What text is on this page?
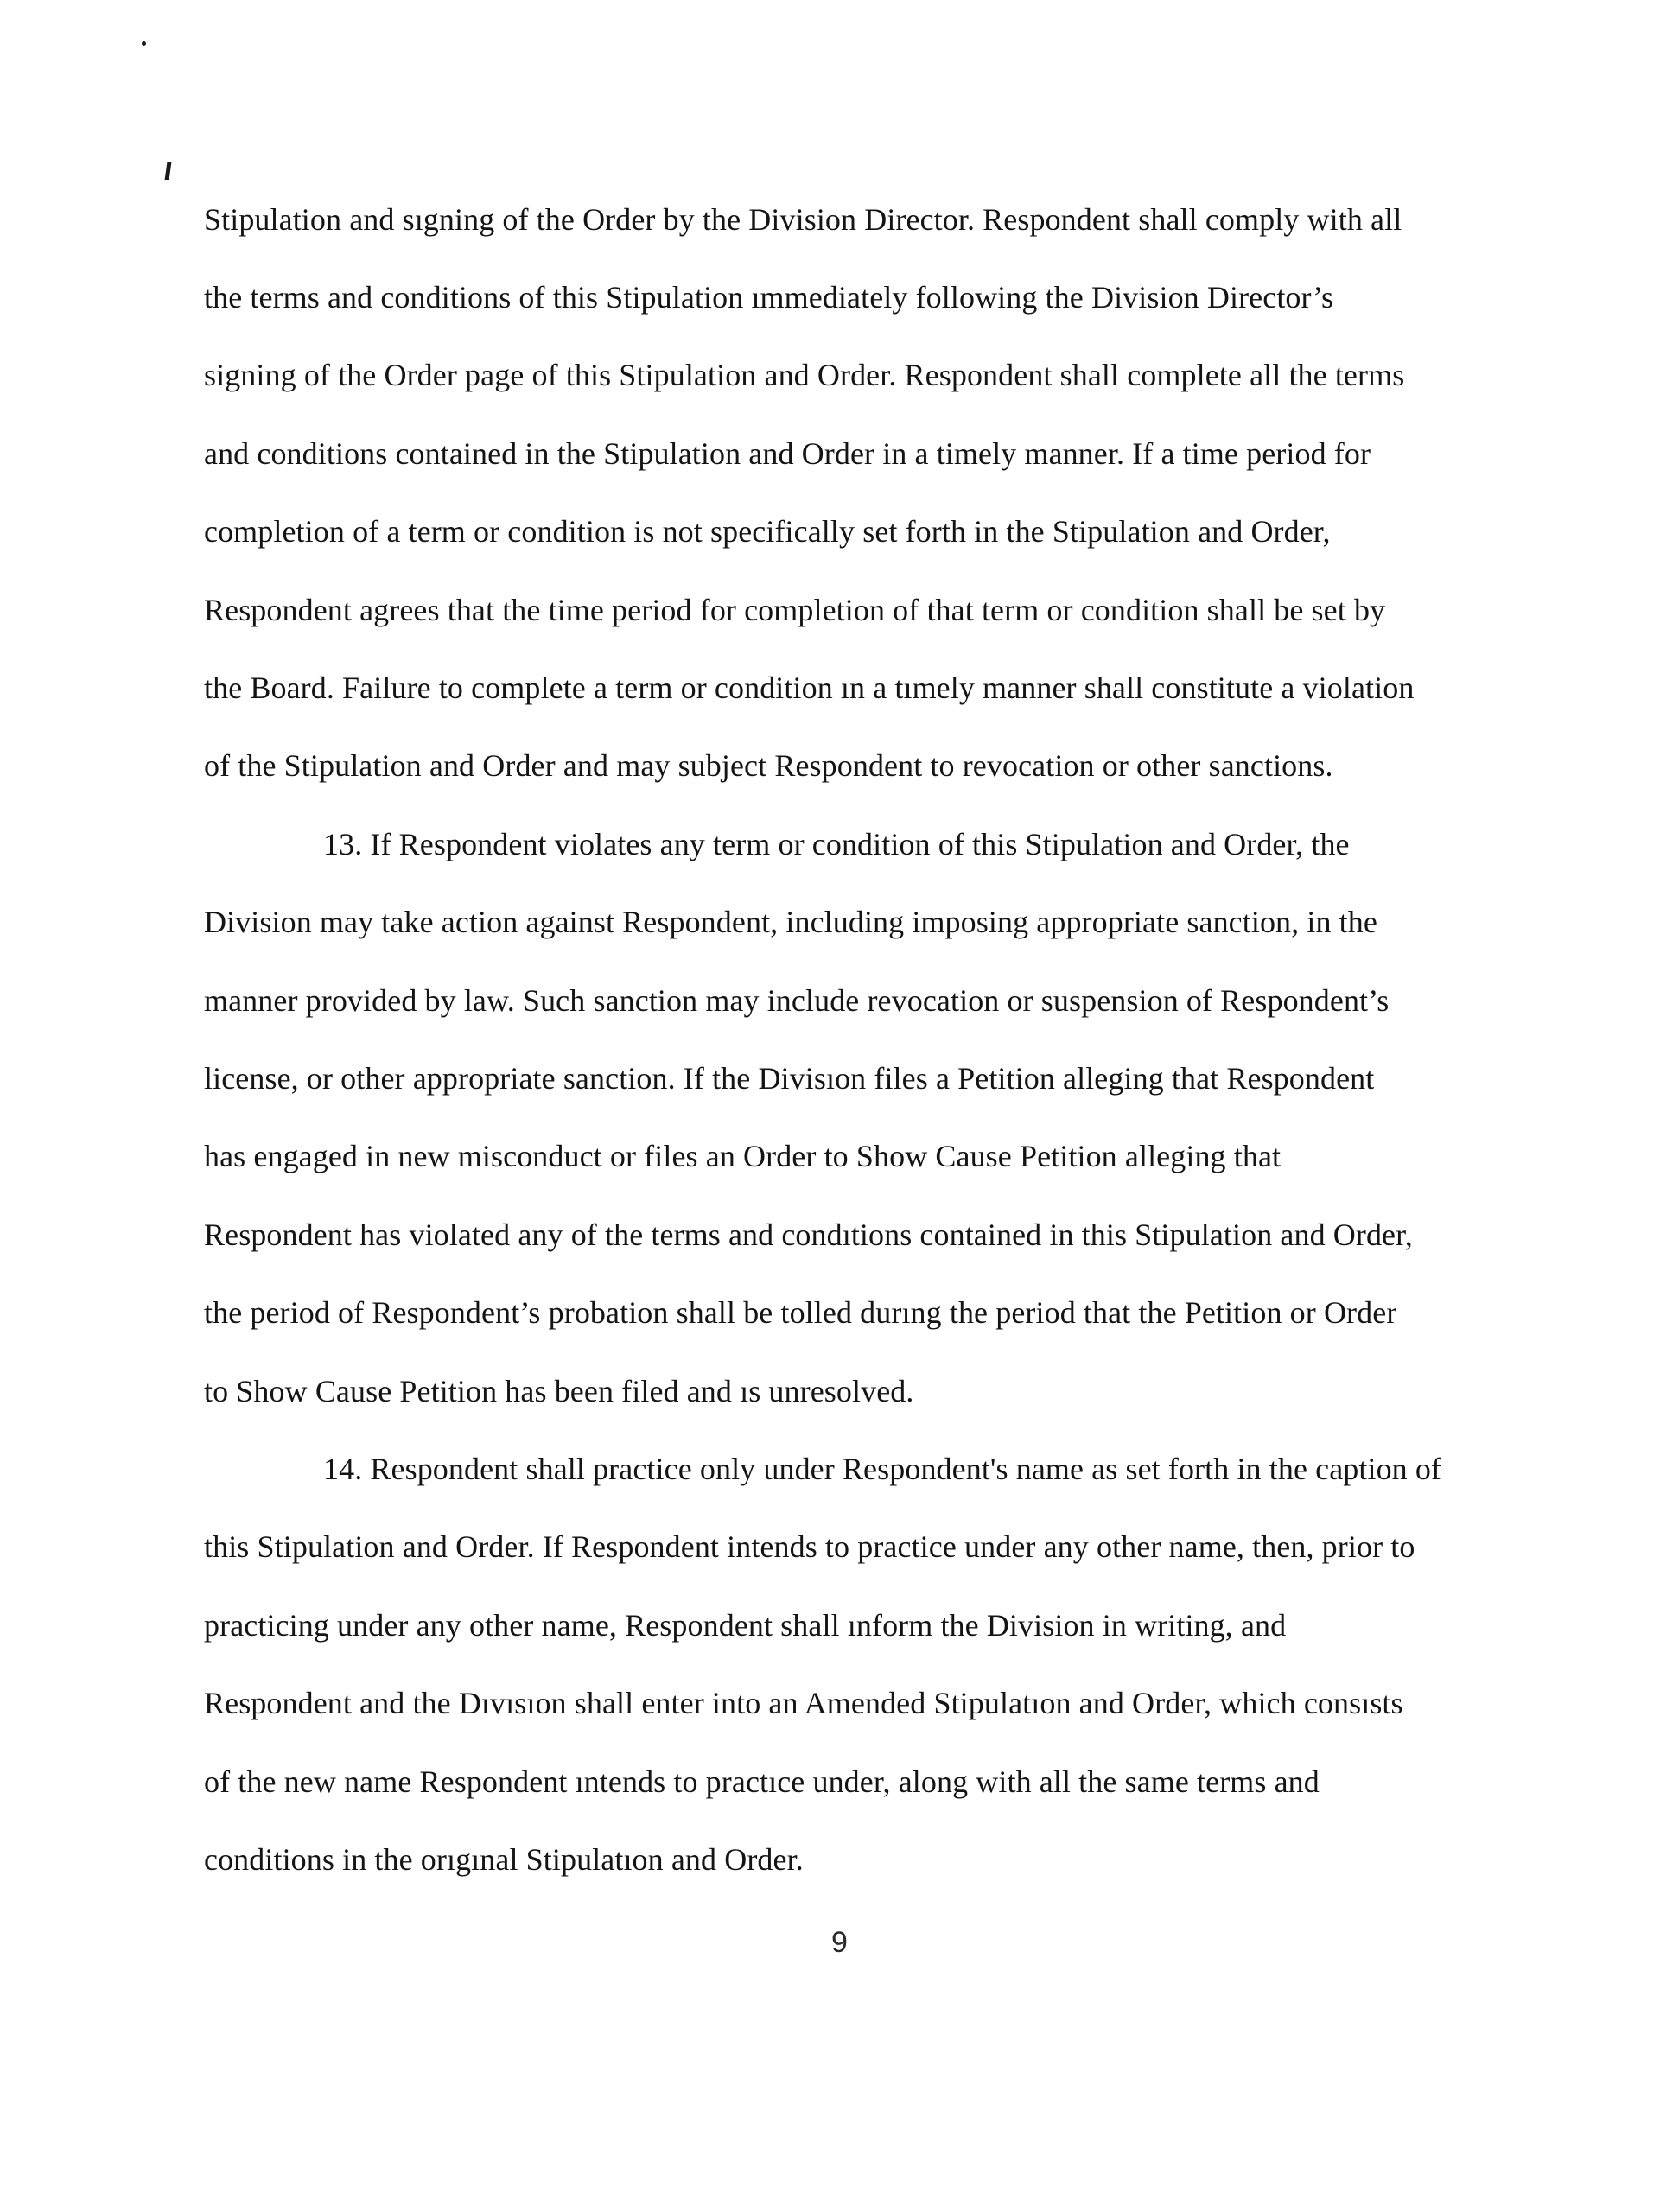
Stipulation and sıgning of the Order by the Division Director. Respondent shall comply with all
the terms and conditions of this Stipulation ımmediately following the Division Director’s
signing of the Order page of this Stipulation and Order. Respondent shall complete all the terms
and conditions contained in the Stipulation and Order in a timely manner. If a time period for
completion of a term or condition is not specifically set forth in the Stipulation and Order,
Respondent agrees that the time period for completion of that term or condition shall be set by
the Board. Failure to complete a term or condition ın a tımely manner shall constitute a violation
of the Stipulation and Order and may subject Respondent to revocation or other sanctions.
13. If Respondent violates any term or condition of this Stipulation and Order, the
Division may take action against Respondent, including imposing appropriate sanction, in the
manner provided by law. Such sanction may include revocation or suspension of Respondent’s
license, or other appropriate sanction. If the Divisıon files a Petition alleging that Respondent
has engaged in new misconduct or files an Order to Show Cause Petition alleging that
Respondent has violated any of the terms and condıtions contained in this Stipulation and Order,
the period of Respondent’s probation shall be tolled durıng the period that the Petition or Order
to Show Cause Petition has been filed and ıs unresolved.
14. Respondent shall practice only under Respondent's name as set forth in the caption of
this Stipulation and Order. If Respondent intends to practice under any other name, then, prior to
practicing under any other name, Respondent shall ınform the Division in writing, and
Respondent and the Dıvısıon shall enter into an Amended Stipulatıon and Order, which consısts
of the new name Respondent ıntends to practıce under, along with all the same terms and
conditions in the orıgınal Stipulatıon and Order.
9
